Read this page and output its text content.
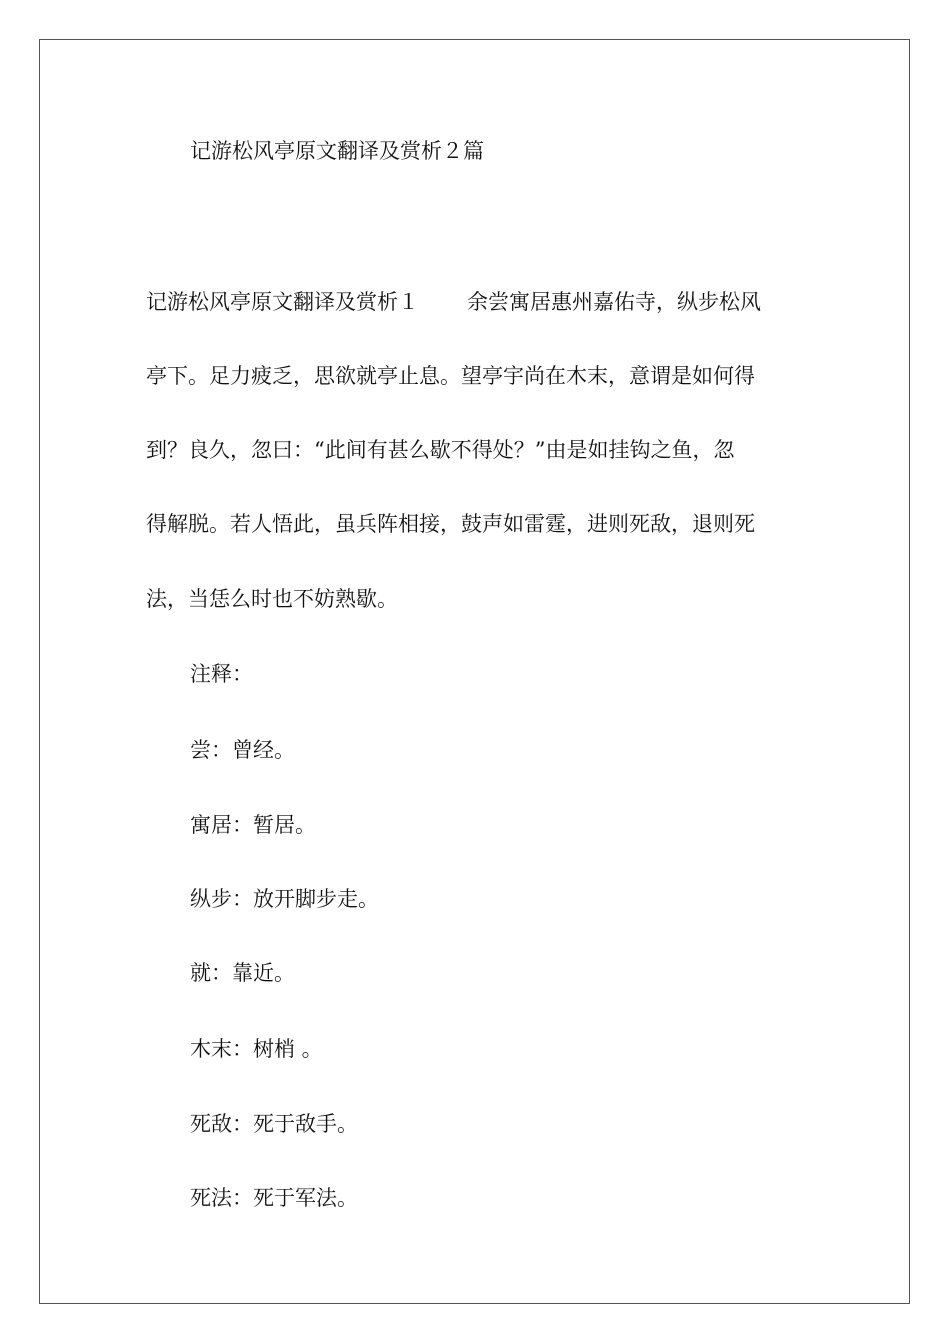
记游松风亭原文翻译及赏析２篇

记游松风亭原文翻译及赏析１ 余尝寓居惠州嘉佑寺，纵步松风

亭下。足力疲乏，思欲就亭止息。望亭宇尚在木末，意谓是如何得

到？良久，忽曰：“此间有甚么歇不得处？”由是如挂钩之鱼，忽

得解脱。若人悟此，虽兵阵相接，鼓声如雷霆，进则死敌，退则死

法，当恁么时也不妨熟歇。

注释：

尝：曾经。

寓居：暂居。

纵步：放开脚步走。

就：靠近。

木末：树梢 。

死敌：死于敌手。

死法：死于军法。
